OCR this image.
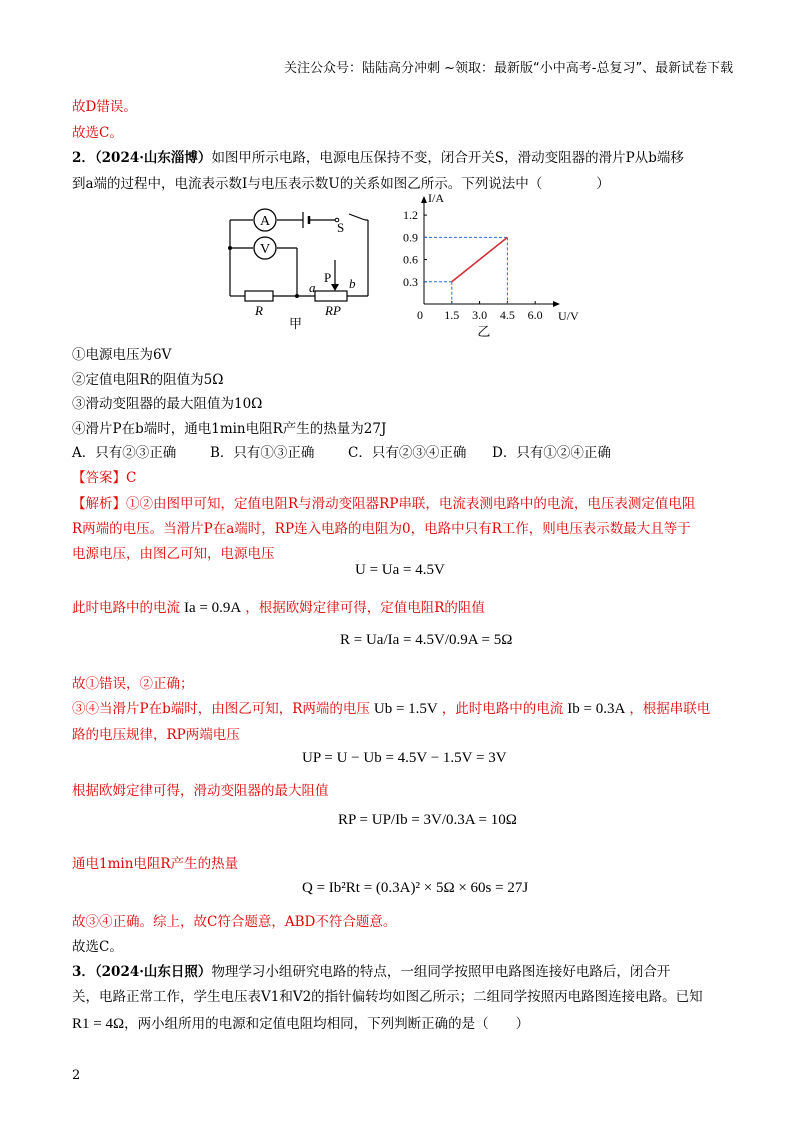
关注公众号：陆陆高分冲刺 ~领取：最新版“小中高考-总复习”、最新试卷下载
故D错误。
故选C。
2．（2024·山东淄博）如图甲所示电路，电源电压保持不变，闭合开关S，滑动变阻器的滑片P从b端移
到a端的过程中，电流表示数I与电压表示数U的关系如图乙所示。下列说法中（　　　　）
A
V
S
P
a	b
R	RP
甲
I/A
U/V
0 1.5 3.0 4.5 6.0
0.3
0.6
0.9
1.2
乙
①电源电压为6V
②定值电阻R的阻值为5Ω
③滑动变阻器的最大阻值为10Ω
④滑片P在b端时，通电1min电阻R产生的热量为27J
A．只有②③正确	B．只有①③正确 C．只有②③④正确 D．只有①②④正确
【答案】C
【解析】①②由图甲可知，定值电阻R与滑动变阻器RP串联，电流表测电路中的电流，电压表测定值电阻
R两端的电压。当滑片P在a端时，RP连入电路的电阻为0，电路中只有R工作，则电压表示数最大且等于
电源电压，由图乙可知，电源电压
U = Ua = 4.5V
此时电路中的电流 Ia = 0.9A ，根据欧姆定律可得，定值电阻R的阻值
R = Ua/Ia = 4.5V/0.9A = 5Ω
故①错误，②正确；
③④当滑片P在b端时，由图乙可知，R两端的电压 Ub = 1.5V ，此时电路中的电流 Ib = 0.3A ，根据串联电
路的电压规律，RP两端电压
UP = U − Ub = 4.5V − 1.5V = 3V
根据欧姆定律可得，滑动变阻器的最大阻值
RP = UP/Ib = 3V/0.3A = 10Ω
通电1min电阻R产生的热量
Q = Ib²Rt = (0.3A)² × 5Ω × 60s = 27J
故③④正确。综上，故C符合题意，ABD不符合题意。
故选C。
3．（2024·山东日照）物理学习小组研究电路的特点，一组同学按照甲电路图连接好电路后，闭合开
关，电路正常工作，学生电压表V1和V2的指针偏转均如图乙所示；二组同学按照丙电路图连接电路。已知
R1 = 4Ω，两小组所用的电源和定值电阻均相同，下列判断正确的是（　　）
2
